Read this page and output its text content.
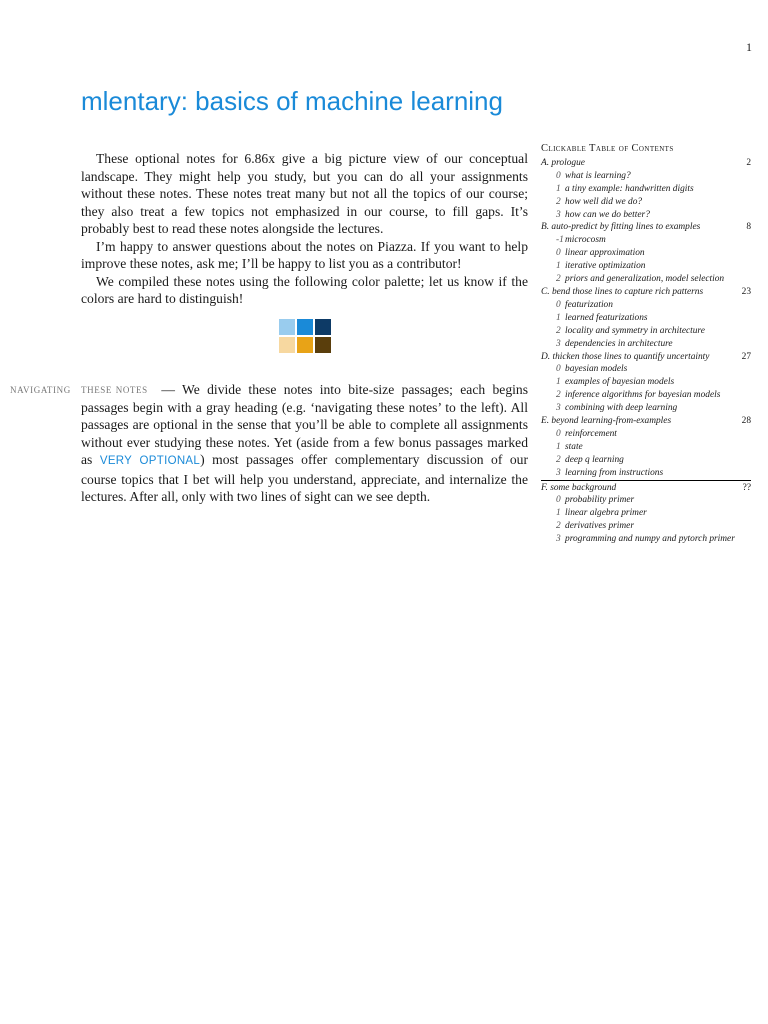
1
mlentary: basics of machine learning

These optional notes for 6.86x give a big picture view of our conceptual landscape. They might help you study, but you can do all your assignments without these notes. These notes treat many but not all the topics of our course; they also treat a few topics not emphasized in our course, to fill gaps. It’s probably best to read these notes alongside the lectures.

I’m happy to answer questions about the notes on Piazza. If you want to help improve these notes, ask me; I’ll be happy to list you as a contributor!

We compiled these notes using the following color palette; let us know if the colors are hard to distinguish!

navigating these notes — We divide these notes into bite-size passages; each begins passages begin with a gray heading (e.g. ‘navigating these notes’ to the left). All passages are optional in the sense that you’ll be able to complete all assignments without ever studying these notes. Yet (aside from a few bonus passages marked as VERY OPTIONAL) most passages offer complementary discussion of our course topics that I bet will help you understand, appreciate, and internalize the lectures. After all, only with two lines of sight can we see depth.
Clickable Table of Contents
A. prologue	2
0 what is learning?
1 a tiny example: handwritten digits
2 how well did we do?
3 how can we do better?
B. auto-predict by fitting lines to examples	8
-1microcosm
0 linear approximation
1 iterative optimization
2 priors and generalization, model selection
C. bend those lines to capture rich patterns	23
0 featurization
1 learned featurizations
2 locality and symmetry in architecture
3 dependencies in architecture
D. thicken those lines to quantify uncertainty	27
0 bayesian models
1 examples of bayesian models
2 inference algorithms for bayesian models
3 combining with deep learning
E. beyond learning-from-examples	28
0 reinforcement
1 state
2 deep q learning
3 learning from instructions
F. some background	??
0 probability primer
1 linear algebra primer
2 derivatives primer
3 programming and numpy and pytorch primer
